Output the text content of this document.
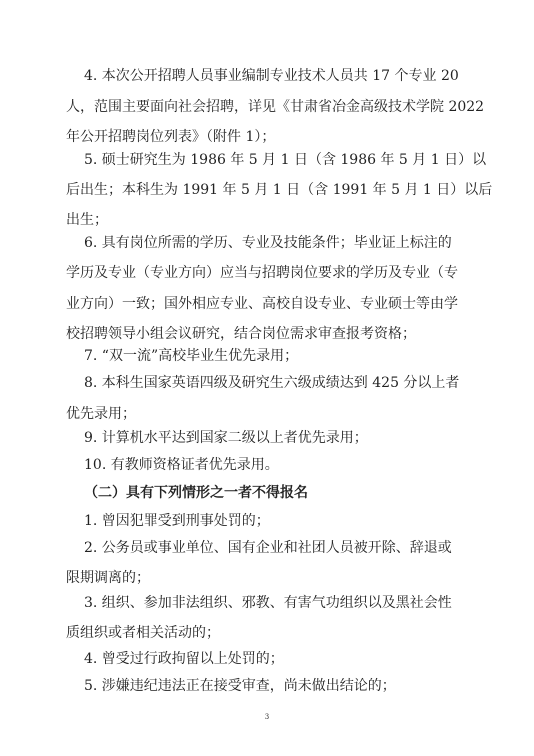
4. 本次公开招聘人员事业编制专业技术人员共 17 个专业 20
人，范围主要面向社会招聘，详见《甘肃省冶金高级技术学院 2022
年公开招聘岗位列表》（附件 1）；
5. 硕士研究生为 1986 年 5 月 1 日（含 1986 年 5 月 1 日）以
后出生；本科生为 1991 年 5 月 1 日（含 1991 年 5 月 1 日）以后
出生；
6. 具有岗位所需的学历、专业及技能条件；毕业证上标注的
学历及专业（专业方向）应当与招聘岗位要求的学历及专业（专
业方向）一致；国外相应专业、高校自设专业、专业硕士等由学
校招聘领导小组会议研究，结合岗位需求审查报考资格；
7. “双一流”高校毕业生优先录用；
8. 本科生国家英语四级及研究生六级成绩达到 425 分以上者
优先录用；
9. 计算机水平达到国家二级以上者优先录用；
10. 有教师资格证者优先录用。
（二）具有下列情形之一者不得报名
1. 曾因犯罪受到刑事处罚的；
2. 公务员或事业单位、国有企业和社团人员被开除、辞退或
限期调离的；
3. 组织、参加非法组织、邪教、有害气功组织以及黑社会性
质组织或者相关活动的；
4. 曾受过行政拘留以上处罚的；
5. 涉嫌违纪违法正在接受审查，尚未做出结论的；
3
